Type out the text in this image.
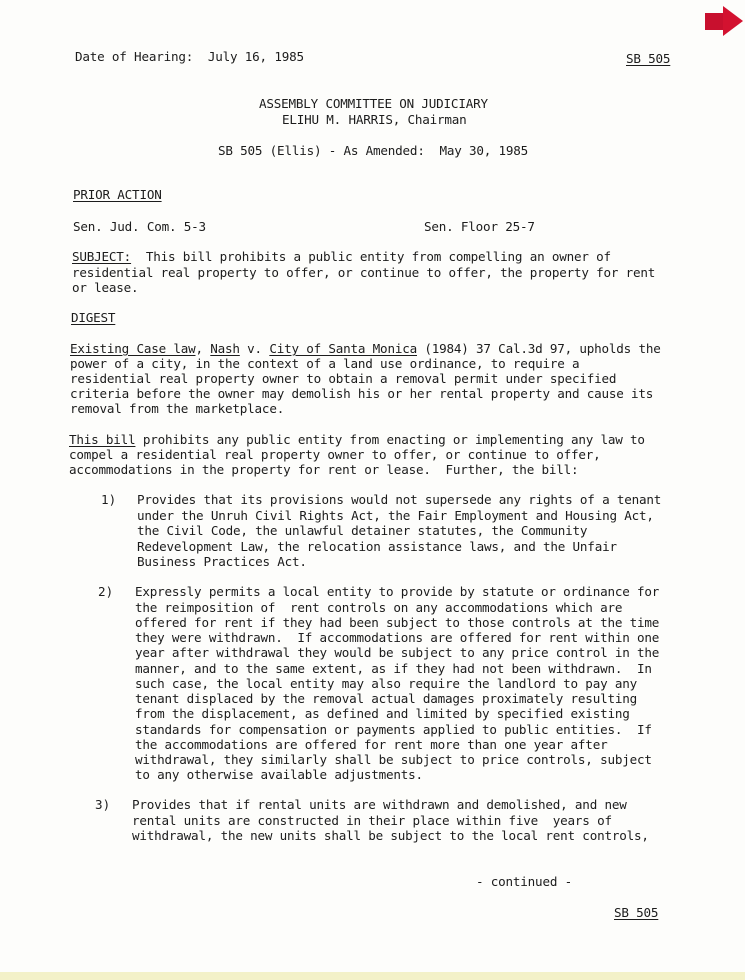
Date of Hearing:  July 16, 1985	SB 505
ASSEMBLY COMMITTEE ON JUDICIARY
ELIHU M. HARRIS, Chairman
SB 505 (Ellis) - As Amended:  May 30, 1985
PRIOR ACTION
Sen. Jud. Com. 5-3	Sen. Floor 25-7
SUBJECT:  This bill prohibits a public entity from compelling an owner of
residential real property to offer, or continue to offer, the property for rent
or lease.
DIGEST
Existing Case law, Nash v. City of Santa Monica (1984) 37 Cal.3d 97, upholds the
power of a city, in the context of a land use ordinance, to require a
residential real property owner to obtain a removal permit under specified
criteria before the owner may demolish his or her rental property and cause its
removal from the marketplace.
This bill prohibits any public entity from enacting or implementing any law to
compel a residential real property owner to offer, or continue to offer,
accommodations in the property for rent or lease.  Further, the bill:
1) Provides that its provisions would not supersede any rights of a tenant
under the Unruh Civil Rights Act, the Fair Employment and Housing Act,
the Civil Code, the unlawful detainer statutes, the Community
Redevelopment Law, the relocation assistance laws, and the Unfair
Business Practices Act.
2) Expressly permits a local entity to provide by statute or ordinance for
the reimposition of  rent controls on any accommodations which are
offered for rent if they had been subject to those controls at the time
they were withdrawn.  If accommodations are offered for rent within one
year after withdrawal they would be subject to any price control in the
manner, and to the same extent, as if they had not been withdrawn.  In
such case, the local entity may also require the landlord to pay any
tenant displaced by the removal actual damages proximately resulting
from the displacement, as defined and limited by specified existing
standards for compensation or payments applied to public entities.  If
the accommodations are offered for rent more than one year after
withdrawal, they similarly shall be subject to price controls, subject
to any otherwise available adjustments.
3) Provides that if rental units are withdrawn and demolished, and new
rental units are constructed in their place within five  years of
withdrawal, the new units shall be subject to the local rent controls,
- continued -
SB 505
